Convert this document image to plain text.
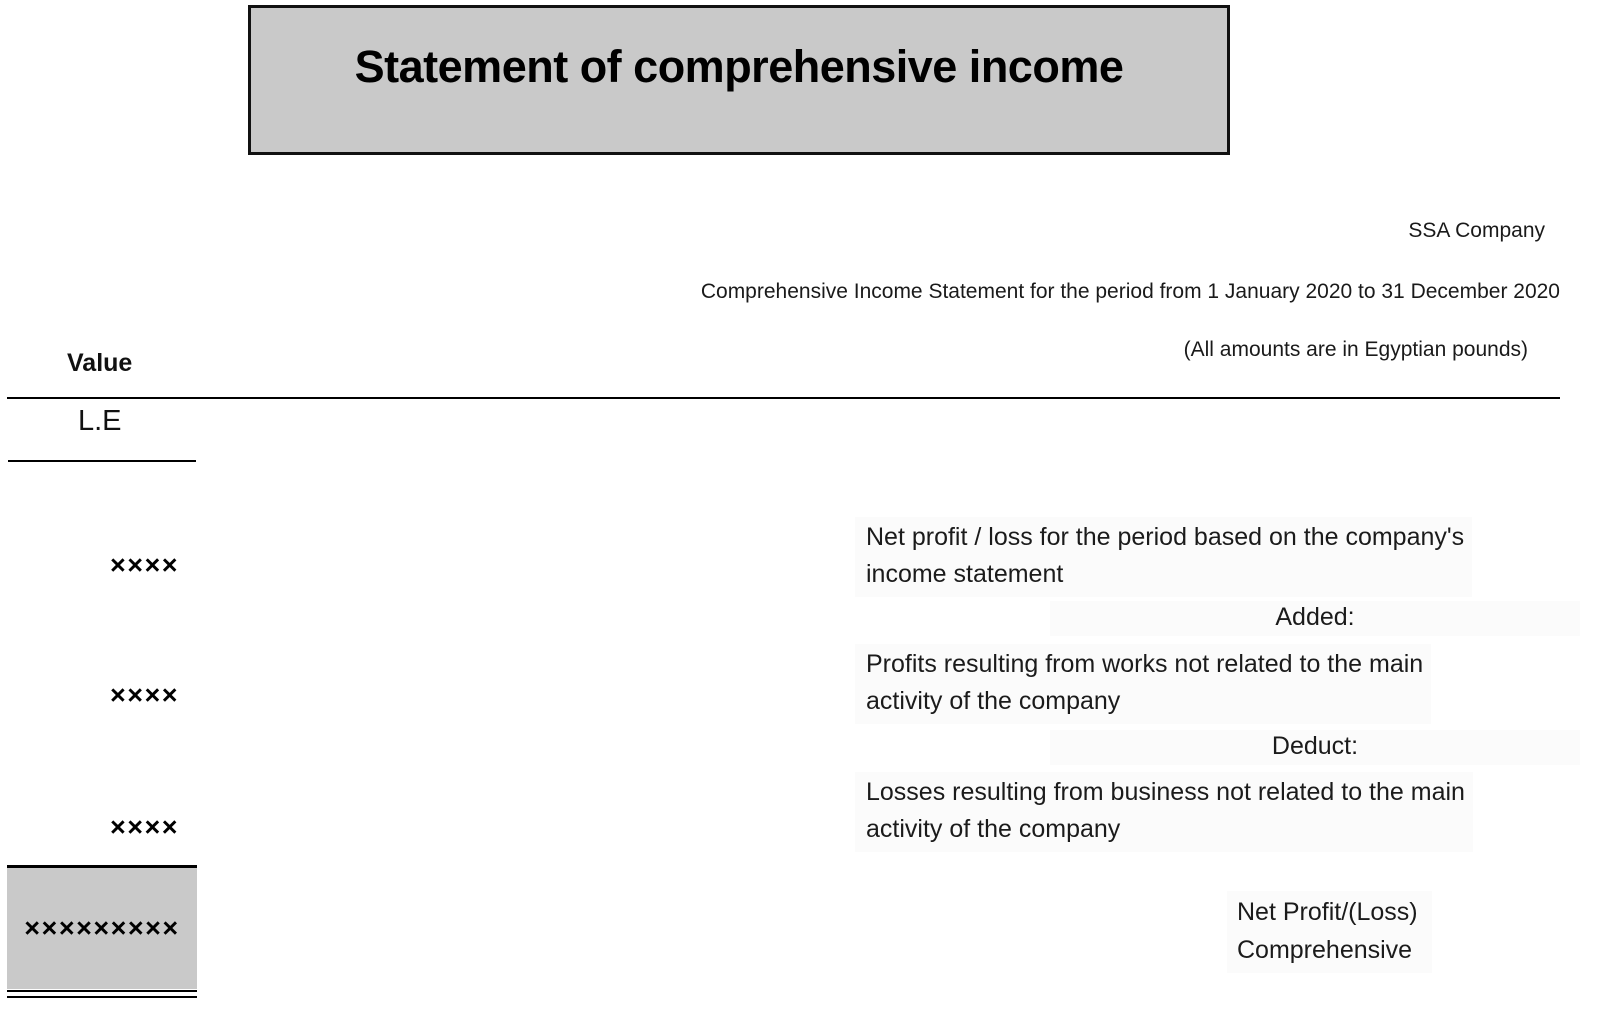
Statement of comprehensive income
SSA Company
Comprehensive Income Statement for the period from 1 January 2020 to 31 December 2020
(All amounts are in Egyptian pounds)
Value
L.E
××××
Net profit / loss for the period based on the company's
income statement
Added:
××××
Profits resulting from works not related to the main
activity of the company
Deduct:
××××
Losses resulting from business not related to the main
activity of the company
×××××××××
Net Profit/(Loss)
Comprehensive
